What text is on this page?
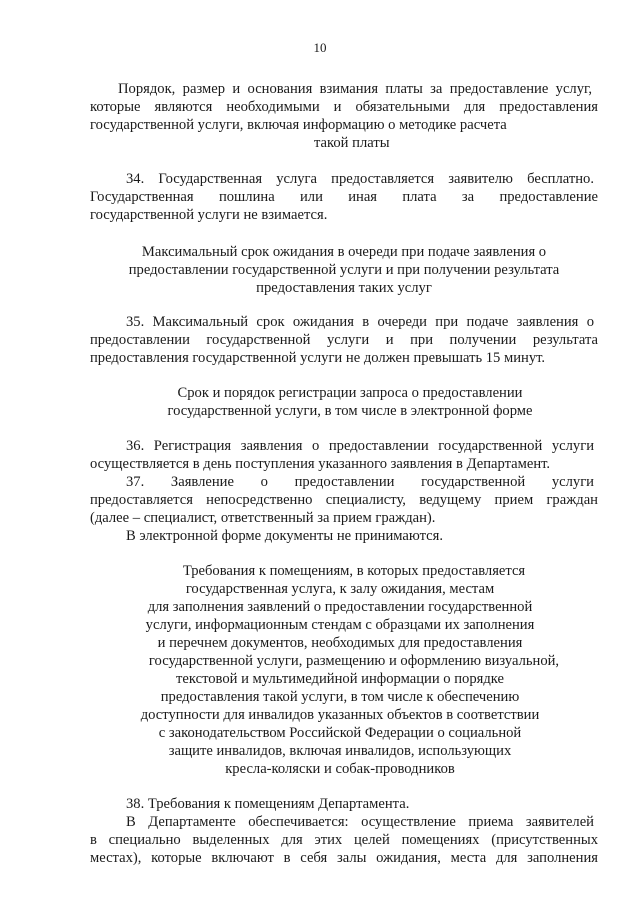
10
Порядок, размер и основания взимания платы за предоставление услуг,
которые являются необходимыми и обязательными для предоставления
государственной услуги, включая информацию о методике расчета
такой платы
34. Государственная услуга предоставляется заявителю бесплатно.
Государственная пошлина или иная плата за предоставление
государственной услуги не взимается.
Максимальный срок ожидания в очереди при подаче заявления о
предоставлении государственной услуги и при получении результата
предоставления таких услуг
35. Максимальный срок ожидания в очереди при подаче заявления о
предоставлении государственной услуги и при получении результата
предоставления государственной услуги не должен превышать 15 минут.
Срок и порядок регистрации запроса о предоставлении
государственной услуги, в том числе в электронной форме
36. Регистрация заявления о предоставлении государственной услуги
осуществляется в день поступления указанного заявления в Департамент.
37. Заявление о предоставлении государственной услуги
предоставляется непосредственно специалисту, ведущему прием граждан
(далее – специалист, ответственный за прием граждан).
В электронной форме документы не принимаются.
Требования к помещениям, в которых предоставляется
государственная услуга, к залу ожидания, местам
для заполнения заявлений о предоставлении государственной
услуги, информационным стендам с образцами их заполнения
и перечнем документов, необходимых для предоставления
государственной услуги, размещению и оформлению визуальной,
текстовой и мультимедийной информации о порядке
предоставления такой услуги, в том числе к обеспечению
доступности для инвалидов указанных объектов в соответствии
с законодательством Российской Федерации о социальной
защите инвалидов, включая инвалидов, использующих
кресла-коляски и собак-проводников
38. Требования к помещениям Департамента.
В Департаменте обеспечивается: осуществление приема заявителей
в специально выделенных для этих целей помещениях (присутственных
местах), которые включают в себя залы ожидания, места для заполнения
